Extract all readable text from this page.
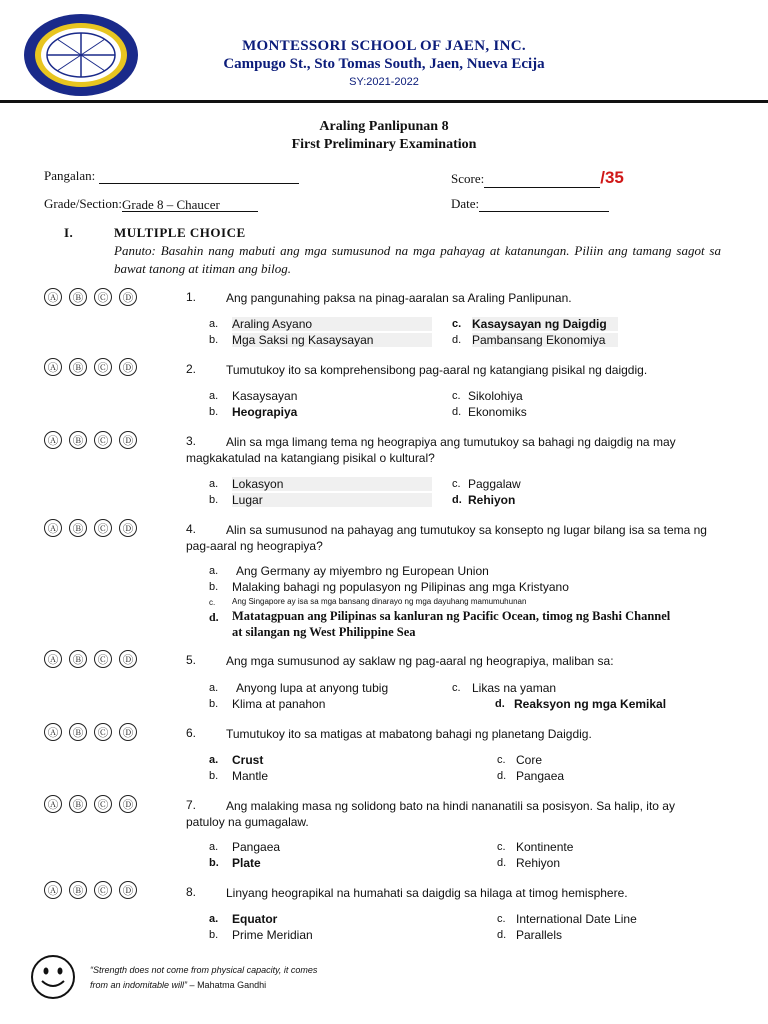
MONTESSORI SCHOOL OF JAEN, INC.
Campugo St., Sto Tomas South, Jaen, Nueva Ecija
SY:2021-2022
Araling Panlipunan 8
First Preliminary Examination
Pangalan:	Score:	/35
Grade/Section:Grade 8 – Chaucer	Date:
I.	MULTIPLE CHOICE
Panuto: Basahin nang mabuti ang mga sumusunod na mga pahayag at katanungan. Piliin ang tamang sagot sa bawat tanong at itiman ang bilog.
Ⓐ	Ⓑ	Ⓒ	Ⓓ	1. Ang pangunahing paksa na pinag-aaralan sa Araling Panlipunan.
a. Araling Asyano
b. Mga Saksi ng Kasaysayan
c. Kasaysayan ng Daigdig
d. Pambansang Ekonomiya
Ⓐ	Ⓑ	Ⓒ	Ⓓ	2. Tumutukoy ito sa komprehensibong pag-aaral ng katangiang pisikal ng daigdig.
a. Kasaysayan
b. Heograpiya
c. Sikolohiya
d. Ekonomiks
Ⓐ	Ⓑ	Ⓒ	Ⓓ	3. Alin sa mga limang tema ng heograpiya ang tumutukoy sa bahagi ng daigdig na may
magkakatulad na katangiang pisikal o kultural?
a. Lokasyon
b. Lugar
c. Paggalaw
d. Rehiyon
Ⓐ	Ⓑ	Ⓒ	Ⓓ	4. Alin sa sumusunod na pahayag ang tumutukoy sa konsepto ng lugar bilang isa sa tema ng
pag-aaral ng heograpiya?
a. Ang Germany ay miyembro ng European Union
b. Malaking bahagi ng populasyon ng Pilipinas ang mga Kristyano
c. Ang Singapore ay isa sa mga bansang dinarayo ng mga dayuhang mamumuhunan
d. Matatagpuan ang Pilipinas sa kanluran ng Pacific Ocean, timog ng Bashi Channel
at silangan ng West Philippine Sea
Ⓐ	Ⓑ	Ⓒ	Ⓓ	5. Ang mga sumusunod ay saklaw ng pag-aaral ng heograpiya, maliban sa:
a. Anyong lupa at anyong tubig
b. Klima at panahon
c. Likas na yaman
d. Reaksyon ng mga Kemikal
Ⓐ	Ⓑ	Ⓒ	Ⓓ	6. Tumutukoy ito sa matigas at mabatong bahagi ng planetang Daigdig.
a. Crust
b. Mantle
c. Core
d. Pangaea
Ⓐ	Ⓑ	Ⓒ	Ⓓ	7. Ang malaking masa ng solidong bato na hindi nananatili sa posisyon. Sa halip, ito ay
patuloy na gumagalaw.
a. Pangaea
b. Plate
c. Kontinente
d. Rehiyon
Ⓐ	Ⓑ	Ⓒ	Ⓓ	8. Linyang heograpikal na humahati sa daigdig sa hilaga at timog hemisphere.
a. Equator
b. Prime Meridian
c. International Date Line
d. Parallels
“Strength does not come from physical capacity, it comes
from an indomitable will” – Mahatma Gandhi
